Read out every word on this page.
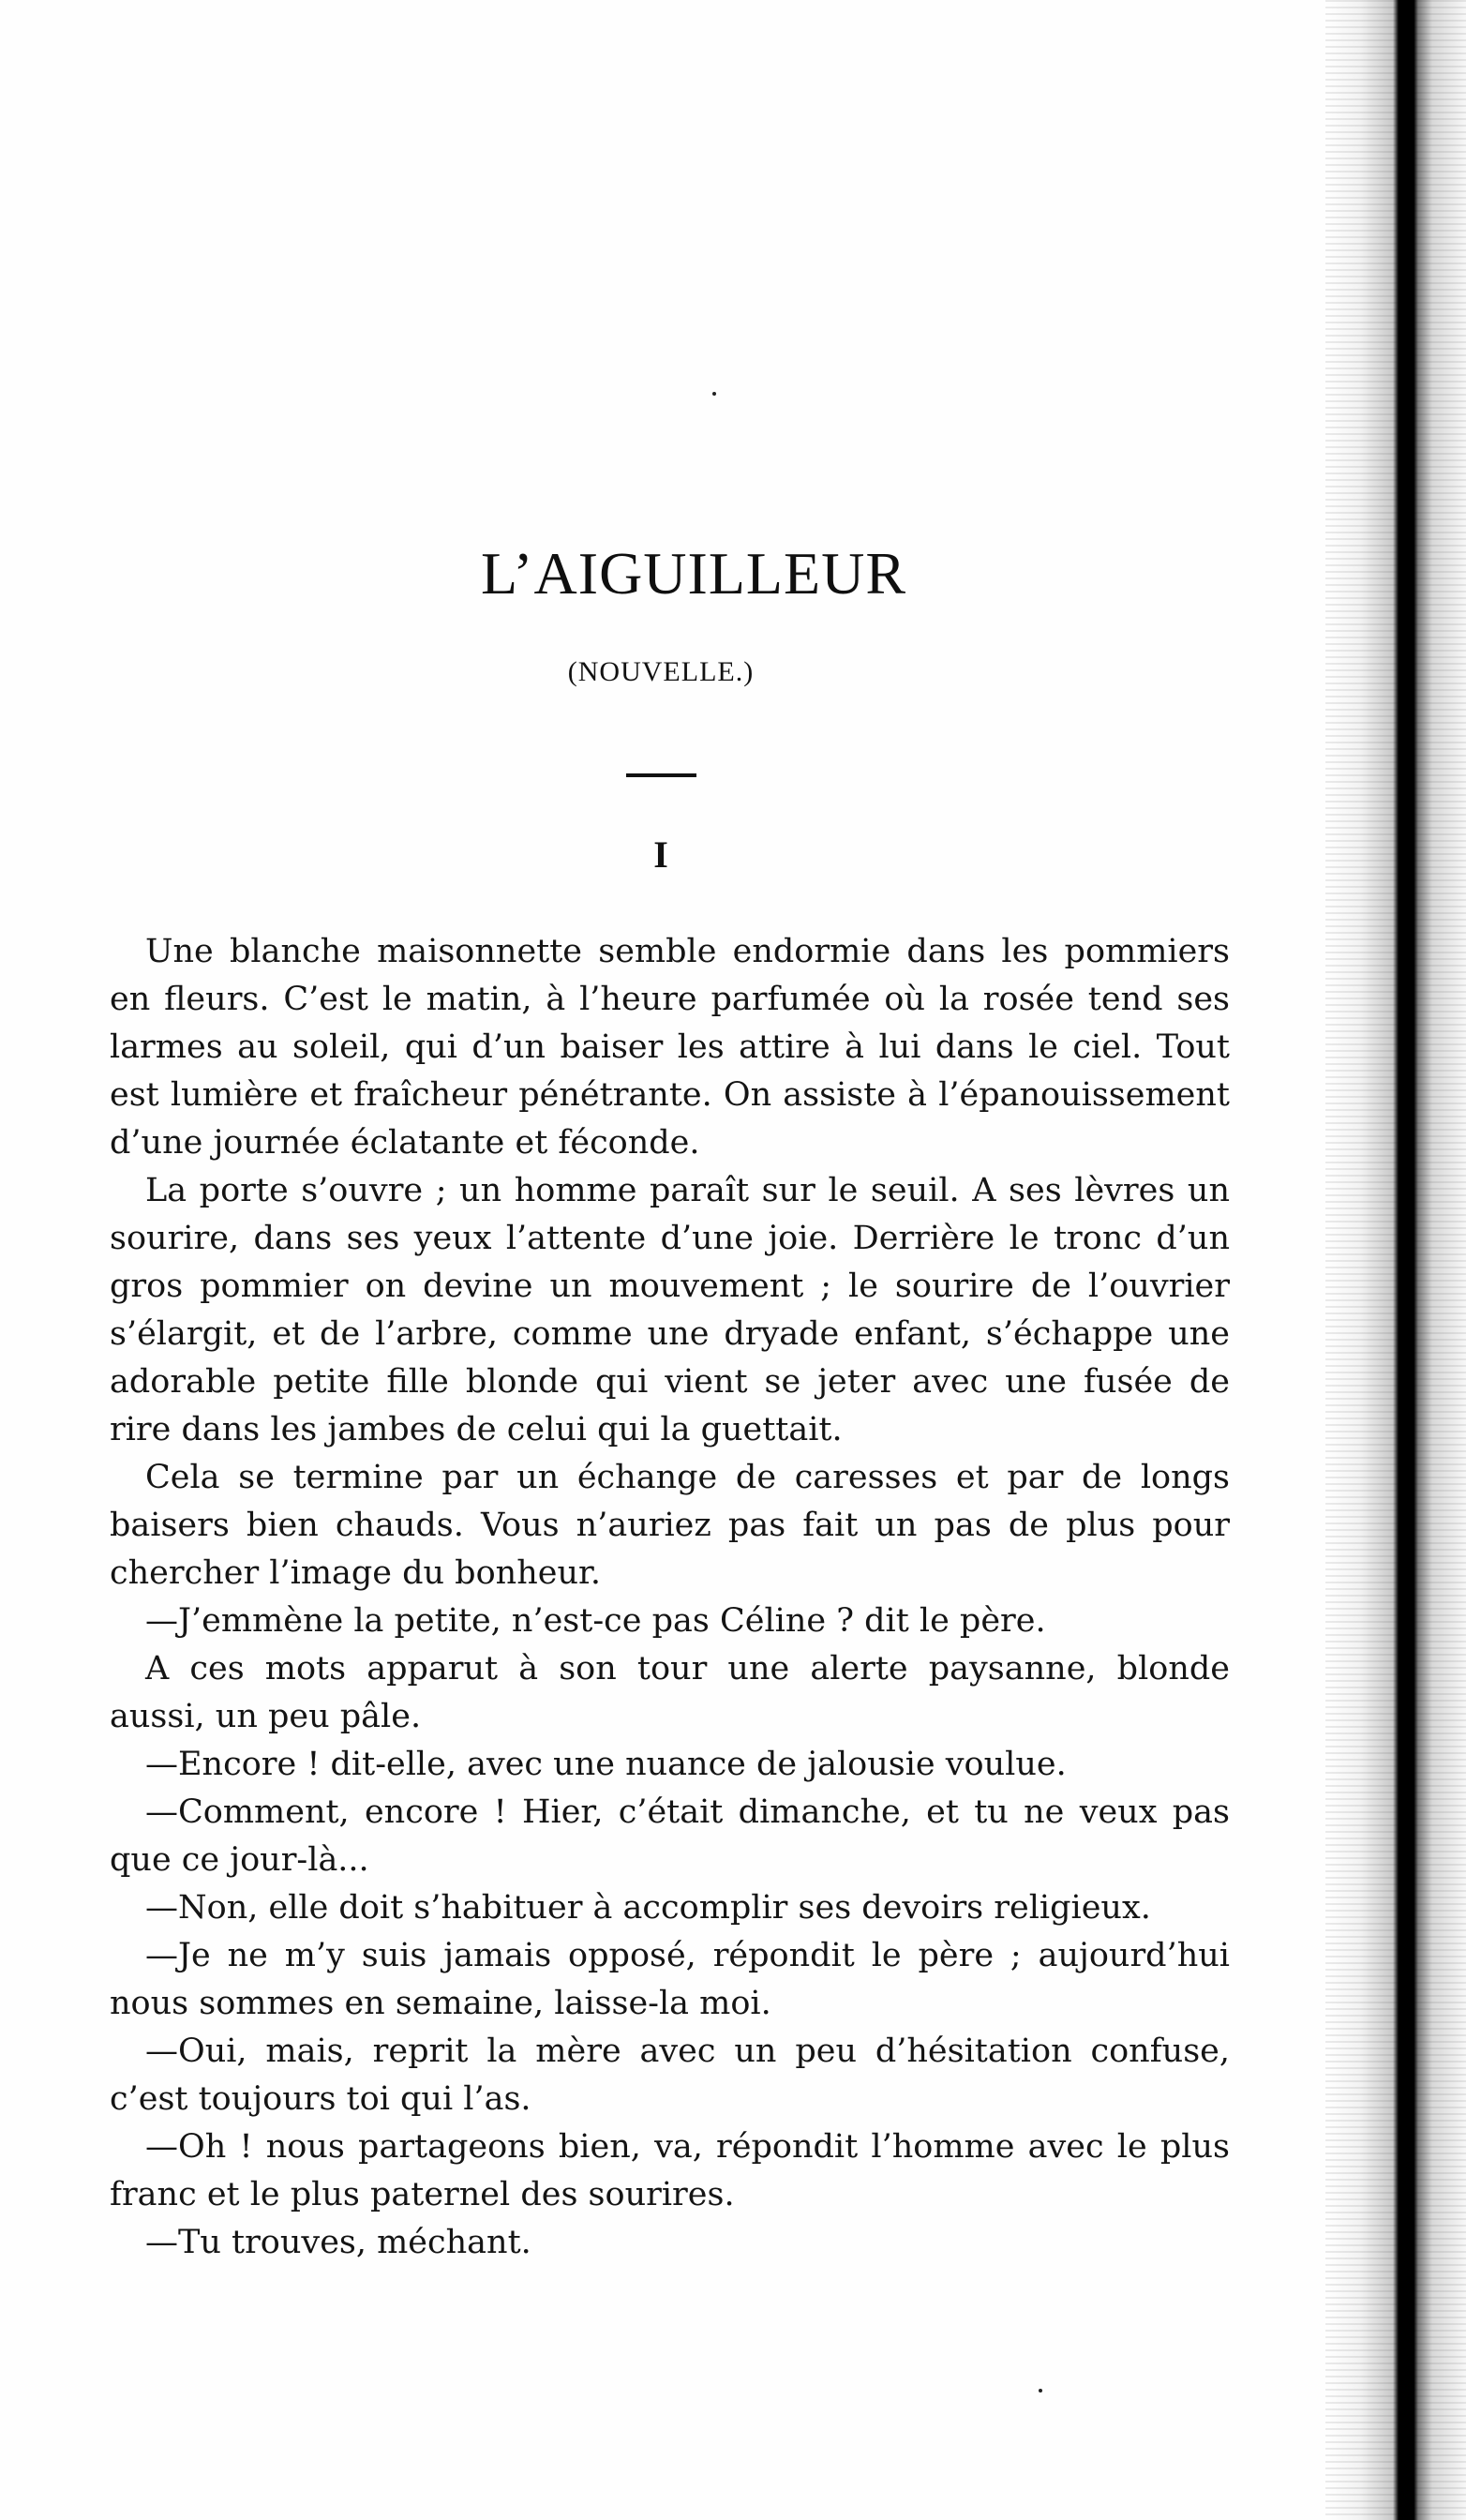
L’AIGUILLEUR
(NOUVELLE.)
I

Une blanche maisonnette semble endormie dans les pommiers en fleurs. C’est le matin, à l’heure parfumée où la rosée tend ses larmes au soleil, qui d’un baiser les attire à lui dans le ciel. Tout est lumière et fraîcheur pénétrante. On assiste à l’épanouissement d’une journée éclatante et féconde.

La porte s’ouvre ; un homme paraît sur le seuil. A ses lèvres un sourire, dans ses yeux l’attente d’une joie. Derrière le tronc d’un gros pommier on devine un mouvement ; le sourire de l’ouvrier s’élargit, et de l’arbre, comme une dryade enfant, s’échappe une adorable petite fille blonde qui vient se jeter avec une fusée de rire dans les jambes de celui qui la guettait.

Cela se termine par un échange de caresses et par de longs baisers bien chauds. Vous n’auriez pas fait un pas de plus pour chercher l’image du bonheur.

—J’emmène la petite, n’est-ce pas Céline ? dit le père.

A ces mots apparut à son tour une alerte paysanne, blonde aussi, un peu pâle.

—Encore ! dit-elle, avec une nuance de jalousie voulue.

—Comment, encore ! Hier, c’était dimanche, et tu ne veux pas que ce jour-là...

—Non, elle doit s’habituer à accomplir ses devoirs religieux.

—Je ne m’y suis jamais opposé, répondit le père ; aujourd’hui nous sommes en semaine, laisse-la moi.

—Oui, mais, reprit la mère avec un peu d’hésitation confuse, c’est toujours toi qui l’as.

—Oh ! nous partageons bien, va, répondit l’homme avec le plus franc et le plus paternel des sourires.

—Tu trouves, méchant.
